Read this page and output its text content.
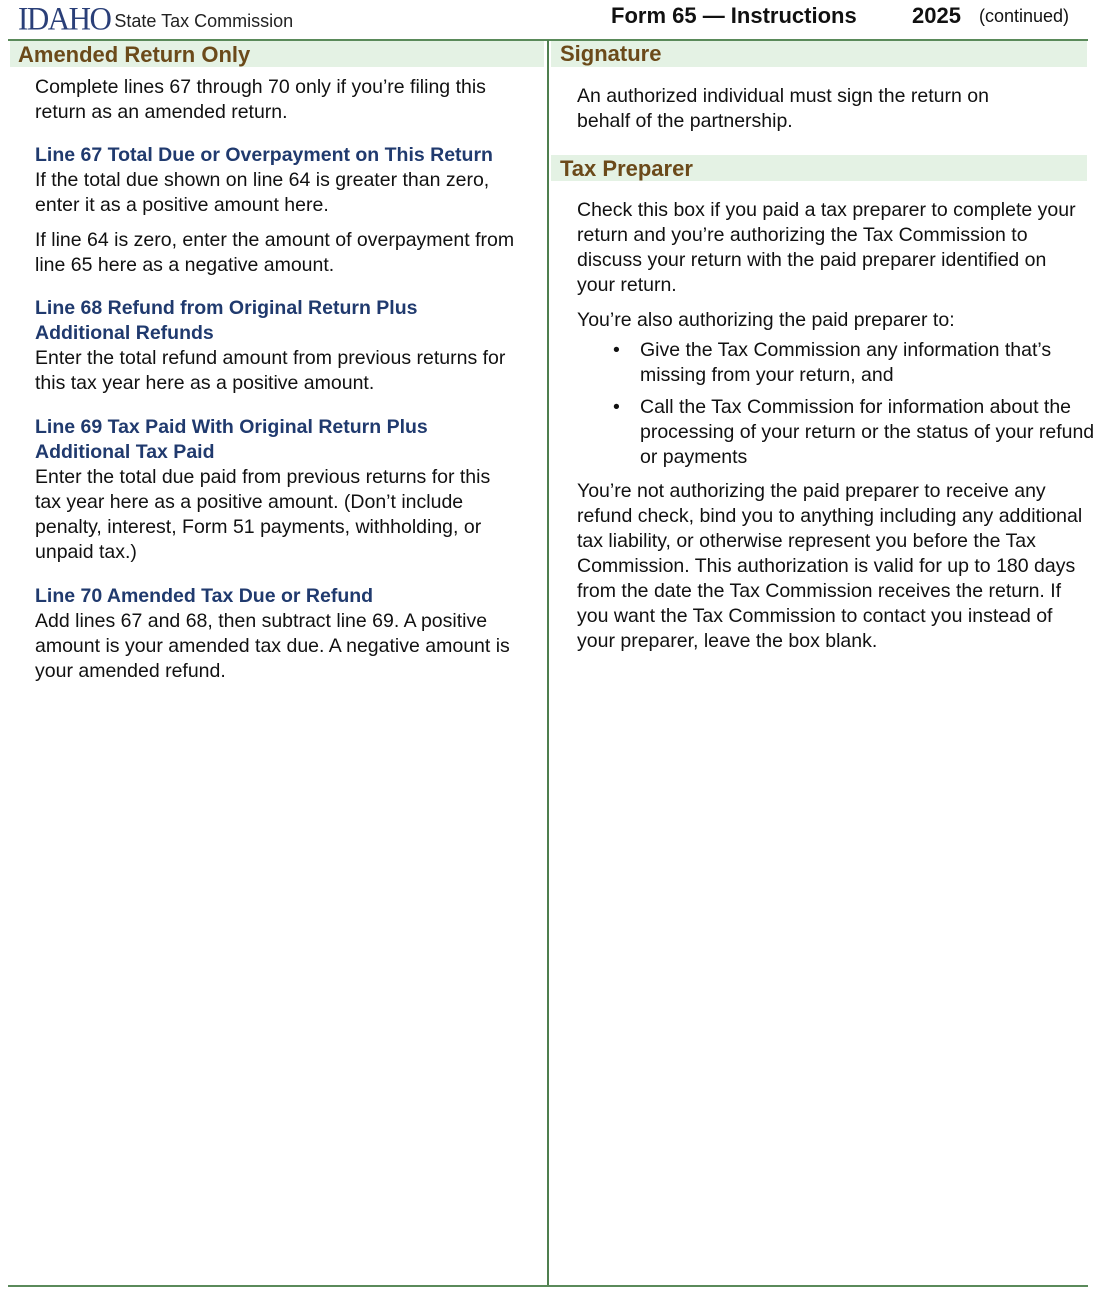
IDAHO State Tax Commission	Form 65 — Instructions	2025 (continued)
Amended Return Only
Complete lines 67 through 70 only if you’re filing this return as an amended return.
Line 67 Total Due or Overpayment on This Return
If the total due shown on line 64 is greater than zero, enter it as a positive amount here.
If line 64 is zero, enter the amount of overpayment from line 65 here as a negative amount.
Line 68 Refund from Original Return Plus Additional Refunds
Enter the total refund amount from previous returns for this tax year here as a positive amount.
Line 69 Tax Paid With Original Return Plus Additional Tax Paid
Enter the total due paid from previous returns for this tax year here as a positive amount. (Don’t include penalty, interest, Form 51 payments, withholding, or unpaid tax.)
Line 70 Amended Tax Due or Refund
Add lines 67 and 68, then subtract line 69. A positive amount is your amended tax due. A negative amount is your amended refund.
Signature
An authorized individual must sign the return on behalf of the partnership.
Tax Preparer
Check this box if you paid a tax preparer to complete your return and you’re authorizing the Tax Commission to discuss your return with the paid preparer identified on your return.
You’re also authorizing the paid preparer to:
• Give the Tax Commission any information that’s missing from your return, and
• Call the Tax Commission for information about the processing of your return or the status of your refund or payments
You’re not authorizing the paid preparer to receive any refund check, bind you to anything including any additional tax liability, or otherwise represent you before the Tax Commission. This authorization is valid for up to 180 days from the date the Tax Commission receives the return. If you want the Tax Commission to contact you instead of your preparer, leave the box blank.
